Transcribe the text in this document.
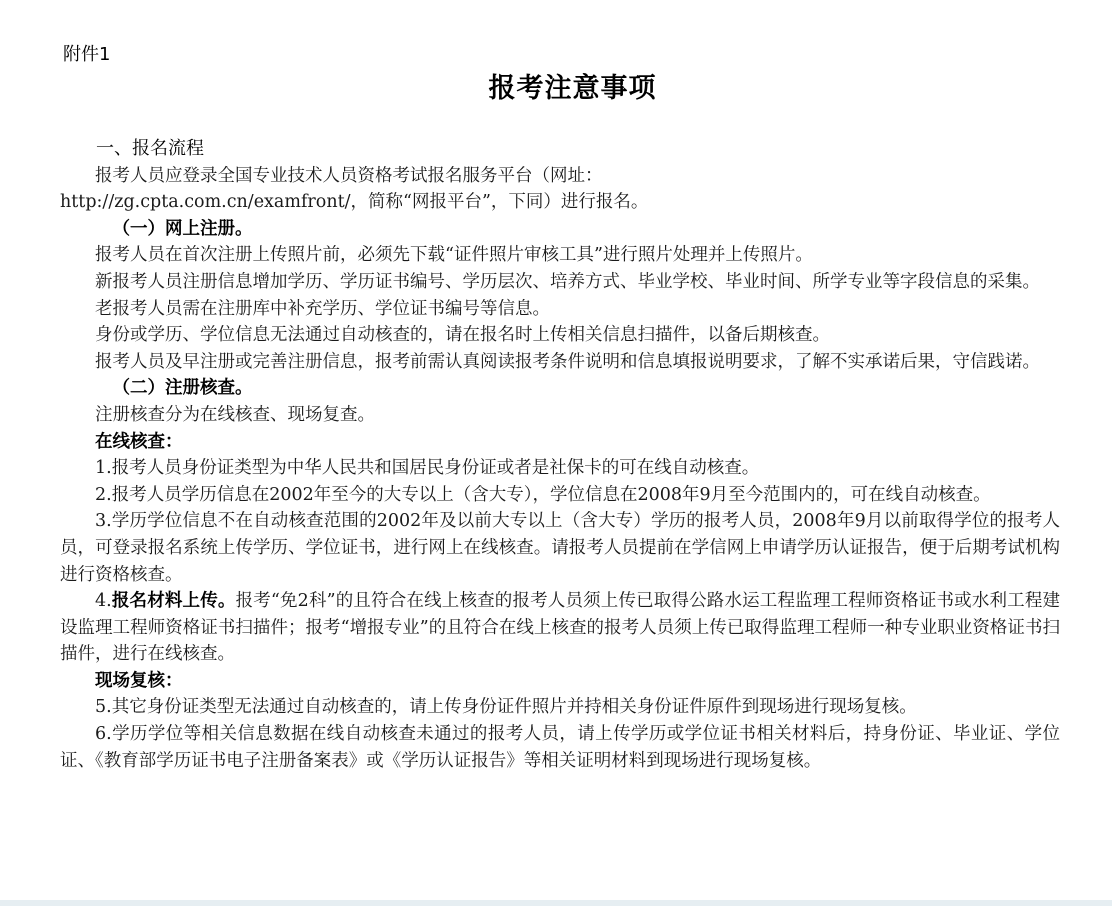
附件1
报考注意事项

一、报名流程

报考人员应登录全国专业技术人员资格考试报名服务平台（网址：

http://zg.cpta.com.cn/examfront/，简称“网报平台”，下同）进行报名。

（一）网上注册。

报考人员在首次注册上传照片前，必须先下载“证件照片审核工具”进行照片处理并上传照片。

新报考人员注册信息增加学历、学历证书编号、学历层次、培养方式、毕业学校、毕业时间、所学专业等字段信息的采集。

老报考人员需在注册库中补充学历、学位证书编号等信息。

身份或学历、学位信息无法通过自动核查的，请在报名时上传相关信息扫描件，以备后期核查。

报考人员及早注册或完善注册信息，报考前需认真阅读报考条件说明和信息填报说明要求，了解不实承诺后果，守信践诺。

（二）注册核查。

注册核查分为在线核查、现场复查。

在线核查：

1.报考人员身份证类型为中华人民共和国居民身份证或者是社保卡的可在线自动核查。

2.报考人员学历信息在2002年至今的大专以上（含大专），学位信息在2008年9月至今范围内的，可在线自动核查。

3.学历学位信息不在自动核查范围的2002年及以前大专以上（含大专）学历的报考人员，2008年9月以前取得学位的报考人员，可登录报名系统上传学历、学位证书，进行网上在线核查。请报考人员提前在学信网上申请学历认证报告，便于后期考试机构进行资格核查。

4.报名材料上传。报考“免2科”的且符合在线上核查的报考人员须上传已取得公路水运工程监理工程师资格证书或水利工程建设监理工程师资格证书扫描件；报考“增报专业”的且符合在线上核查的报考人员须上传已取得监理工程师一种专业职业资格证书扫描件，进行在线核查。

现场复核：

5.其它身份证类型无法通过自动核查的，请上传身份证件照片并持相关身份证件原件到现场进行现场复核。

6.学历学位等相关信息数据在线自动核查未通过的报考人员，请上传学历或学位证书相关材料后，持身份证、毕业证、学位证、《教育部学历证书电子注册备案表》或《学历认证报告》等相关证明材料到现场进行现场复核。
